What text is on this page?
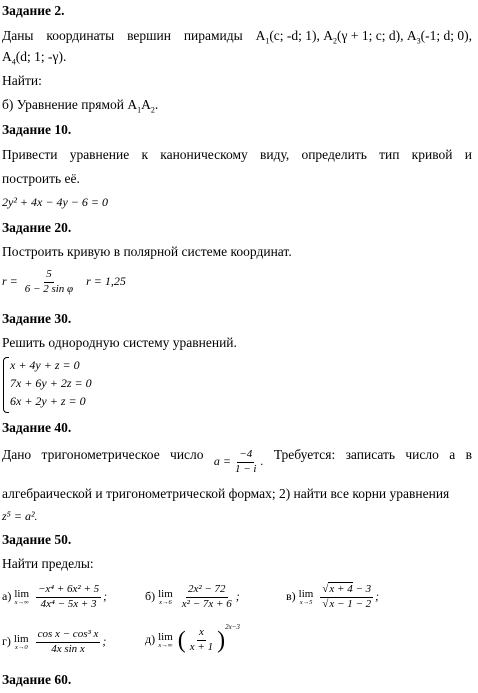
Задание 2.
Даны координаты вершин пирамиды $A_1(c$; -d; 1), $A_2(\gamma + 1$; c; d), $A_3(-1$; d; 0),
$A_4(d$; 1; -γ).
Найти:
б) Уравнение прямой $A_1A_2$.
Задание 10.
Привести уравнение к каноническому виду, определить тип кривой и
построить её.
2y² + 4x − 4y − 6 = 0
Задание 20.
Построить кривую в полярной системе координат.
$r = \frac{5}{\text{6 − 2 sin φ}}$ r = 1,25
Задание 30.
Решить однородную систему уравнений.
x + 4y + z = 0
7x + 6y + 2z = 0
6x + 2y + z = 0
Задание 40.
Дано тригонометрическое число $a = \frac{-4}{1 - i}$ . Требуется: записать число a в
алгебраической и тригонометрической формах; 2) найти все корни уравнения
z⁵ = a².
Задание 50.
Найти пределы:
а) lim
x→∞
$\frac{\text{−x⁴ + 6x² + 5}}{\text{4x⁴ − 5x + 3}}$ ;	б) lim
x→6
$\frac{\text{2x² − 72}}{\text{x² − 7x + 6}}$ ;	в) lim
x→5
$\frac{√x + 4 - 3}{√x - 1 - 2}$ ;
г) lim
x→0
$\frac{\text{cos x − cos³ x}}{\text{4x sin x}}$ ;	д) lim
x→∞ ( $\frac{x}{x + 1} )^{2x-3}$
Задание 60.
